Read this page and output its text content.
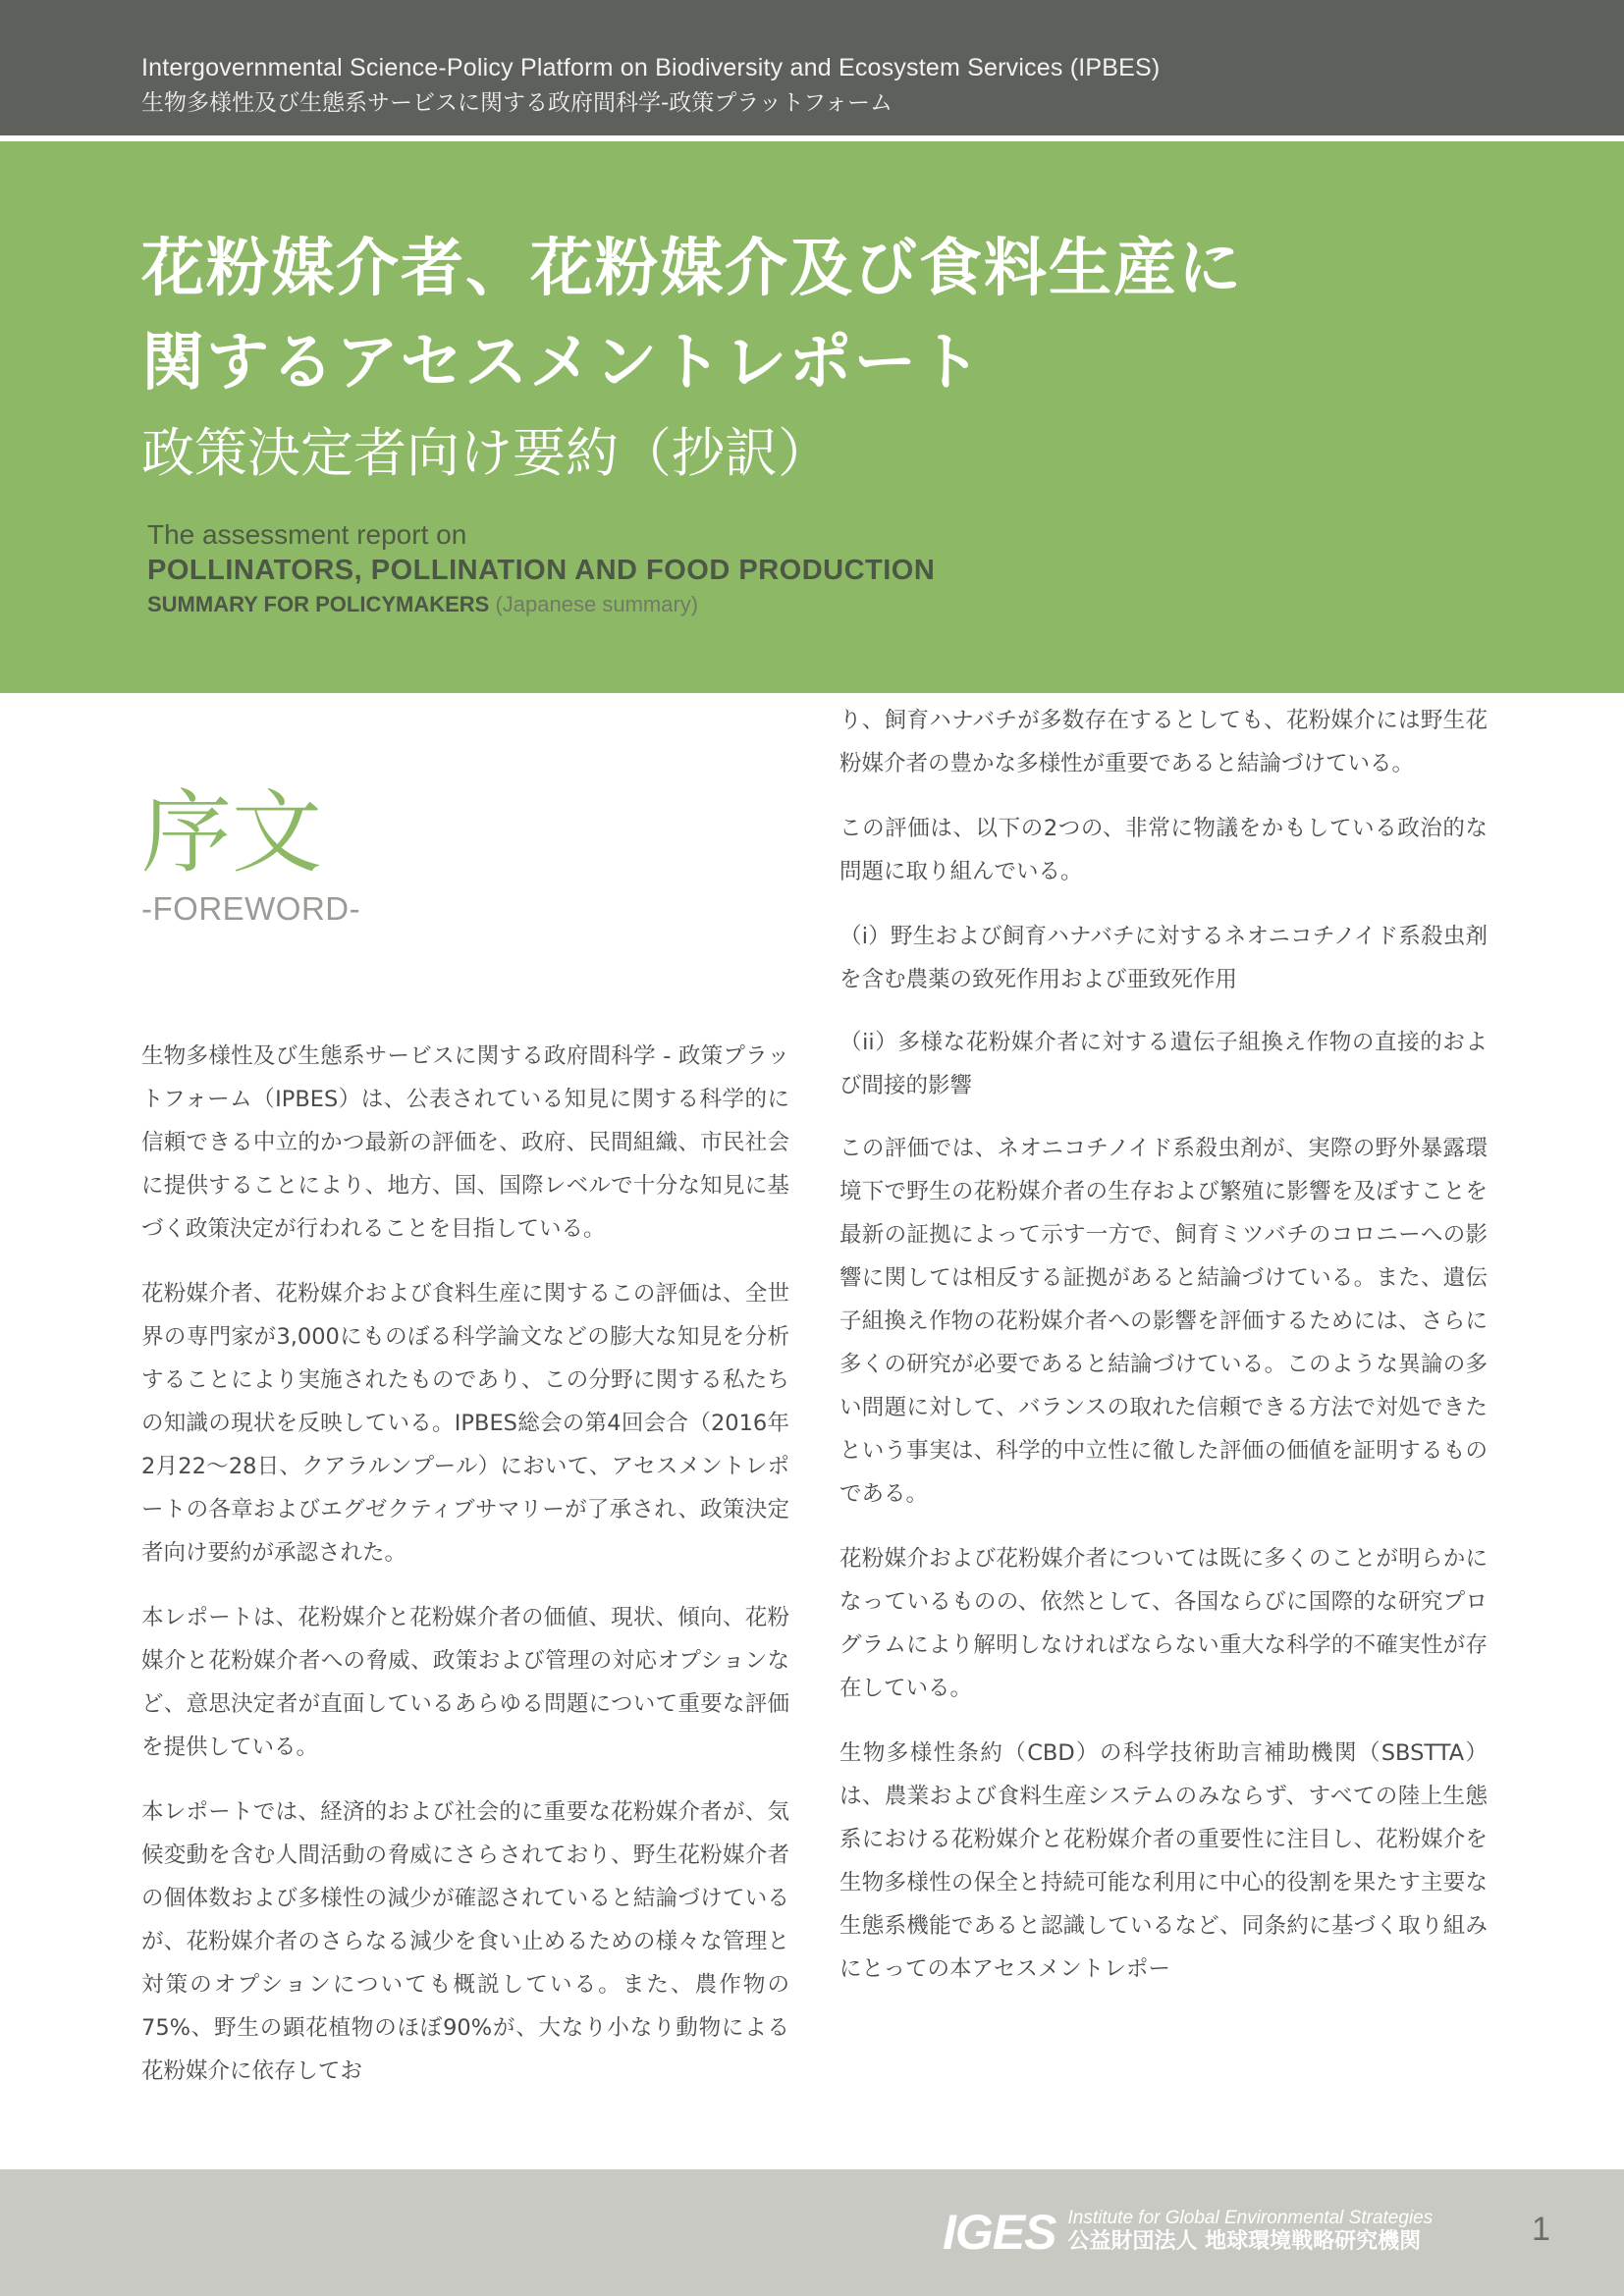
Intergovernmental Science-Policy Platform on Biodiversity and Ecosystem Services (IPBES)
生物多様性及び生態系サービスに関する政府間科学-政策プラットフォーム
花粉媒介者、花粉媒介及び食料生産に
関するアセスメントレポート
政策決定者向け要約（抄訳）
The assessment report on
POLLINATORS, POLLINATION AND FOOD PRODUCTION
SUMMARY FOR POLICYMAKERS (Japanese summary)
序文
-FOREWORD-

生物多様性及び生態系サービスに関する政府間科学 - 政策プラットフォーム（IPBES）は、公表されている知見に関する科学的に信頼できる中立的かつ最新の評価を、政府、民間組織、市民社会に提供することにより、地方、国、国際レベルで十分な知見に基づく政策決定が行われることを目指している。

花粉媒介者、花粉媒介および食料生産に関するこの評価は、全世界の専門家が3,000にものぼる科学論文などの膨大な知見を分析することにより実施されたものであり、この分野に関する私たちの知識の現状を反映している。IPBES総会の第4回会合（2016年2月22～28日、クアラルンプール）において、アセスメントレポートの各章およびエグゼクティブサマリーが了承され、政策決定者向け要約が承認された。

本レポートは、花粉媒介と花粉媒介者の価値、現状、傾向、花粉媒介と花粉媒介者への脅威、政策および管理の対応オプションなど、意思決定者が直面しているあらゆる問題について重要な評価を提供している。

本レポートでは、経済的および社会的に重要な花粉媒介者が、気候変動を含む人間活動の脅威にさらされており、野生花粉媒介者の個体数および多様性の減少が確認されていると結論づけているが、花粉媒介者のさらなる減少を食い止めるための様々な管理と対策のオプションについても概説している。また、農作物の75%、野生の顕花植物のほぼ90%が、大なり小なり動物による花粉媒介に依存してお

り、飼育ハナバチが多数存在するとしても、花粉媒介には野生花粉媒介者の豊かな多様性が重要であると結論づけている。

この評価は、以下の2つの、非常に物議をかもしている政治的な問題に取り組んでいる。

（i）野生および飼育ハナバチに対するネオニコチノイド系殺虫剤を含む農薬の致死作用および亜致死作用

（ii）多様な花粉媒介者に対する遺伝子組換え作物の直接的および間接的影響

この評価では、ネオニコチノイド系殺虫剤が、実際の野外暴露環境下で野生の花粉媒介者の生存および繁殖に影響を及ぼすことを最新の証拠によって示す一方で、飼育ミツバチのコロニーへの影響に関しては相反する証拠があると結論づけている。また、遺伝子組換え作物の花粉媒介者への影響を評価するためには、さらに多くの研究が必要であると結論づけている。このような異論の多い問題に対して、バランスの取れた信頼できる方法で対処できたという事実は、科学的中立性に徹した評価の価値を証明するものである。

花粉媒介および花粉媒介者については既に多くのことが明らかになっているものの、依然として、各国ならびに国際的な研究プログラムにより解明しなければならない重大な科学的不確実性が存在している。

生物多様性条約（CBD）の科学技術助言補助機関（SBSTTA）は、農業および食料生産システムのみならず、すべての陸上生態系における花粉媒介と花粉媒介者の重要性に注目し、花粉媒介を生物多様性の保全と持続可能な利用に中心的役割を果たす主要な生態系機能であると認識しているなど、同条約に基づく取り組みにとっての本アセスメントレポー

IGES Institute for Global Environmental Strategies
公益財団法人 地球環境戦略研究機関	1
